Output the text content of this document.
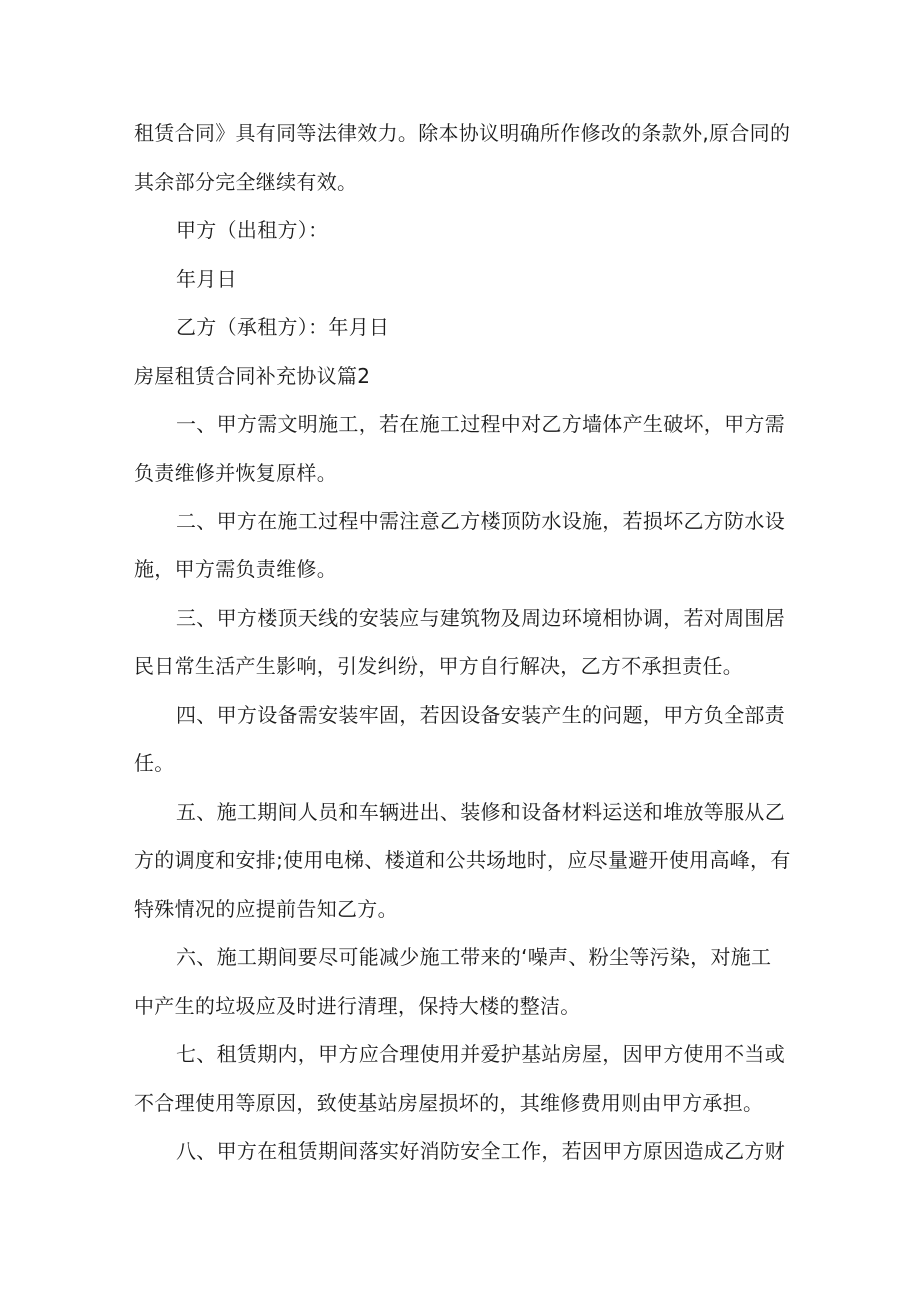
租赁合同》具有同等法律效力。除本协议明确所作修改的条款外,原合同的
其余部分完全继续有效。
甲方（出租方）：
年月日
乙方（承租方）：年月日
房屋租赁合同补充协议篇2
一、甲方需文明施工，若在施工过程中对乙方墙体产生破坏，甲方需
负责维修并恢复原样。
二、甲方在施工过程中需注意乙方楼顶防水设施，若损坏乙方防水设
施，甲方需负责维修。
三、甲方楼顶天线的安装应与建筑物及周边环境相协调，若对周围居
民日常生活产生影响，引发纠纷，甲方自行解决，乙方不承担责任。
四、甲方设备需安装牢固，若因设备安装产生的问题，甲方负全部责
任。
五、施工期间人员和车辆进出、装修和设备材料运送和堆放等服从乙
方的调度和安排;使用电梯、楼道和公共场地时，应尽量避开使用高峰，有
特殊情况的应提前告知乙方。
六、施工期间要尽可能减少施工带来的‘噪声、粉尘等污染，对施工
中产生的垃圾应及时进行清理，保持大楼的整洁。
七、租赁期内，甲方应合理使用并爱护基站房屋，因甲方使用不当或
不合理使用等原因，致使基站房屋损坏的，其维修费用则由甲方承担。
八、甲方在租赁期间落实好消防安全工作，若因甲方原因造成乙方财
